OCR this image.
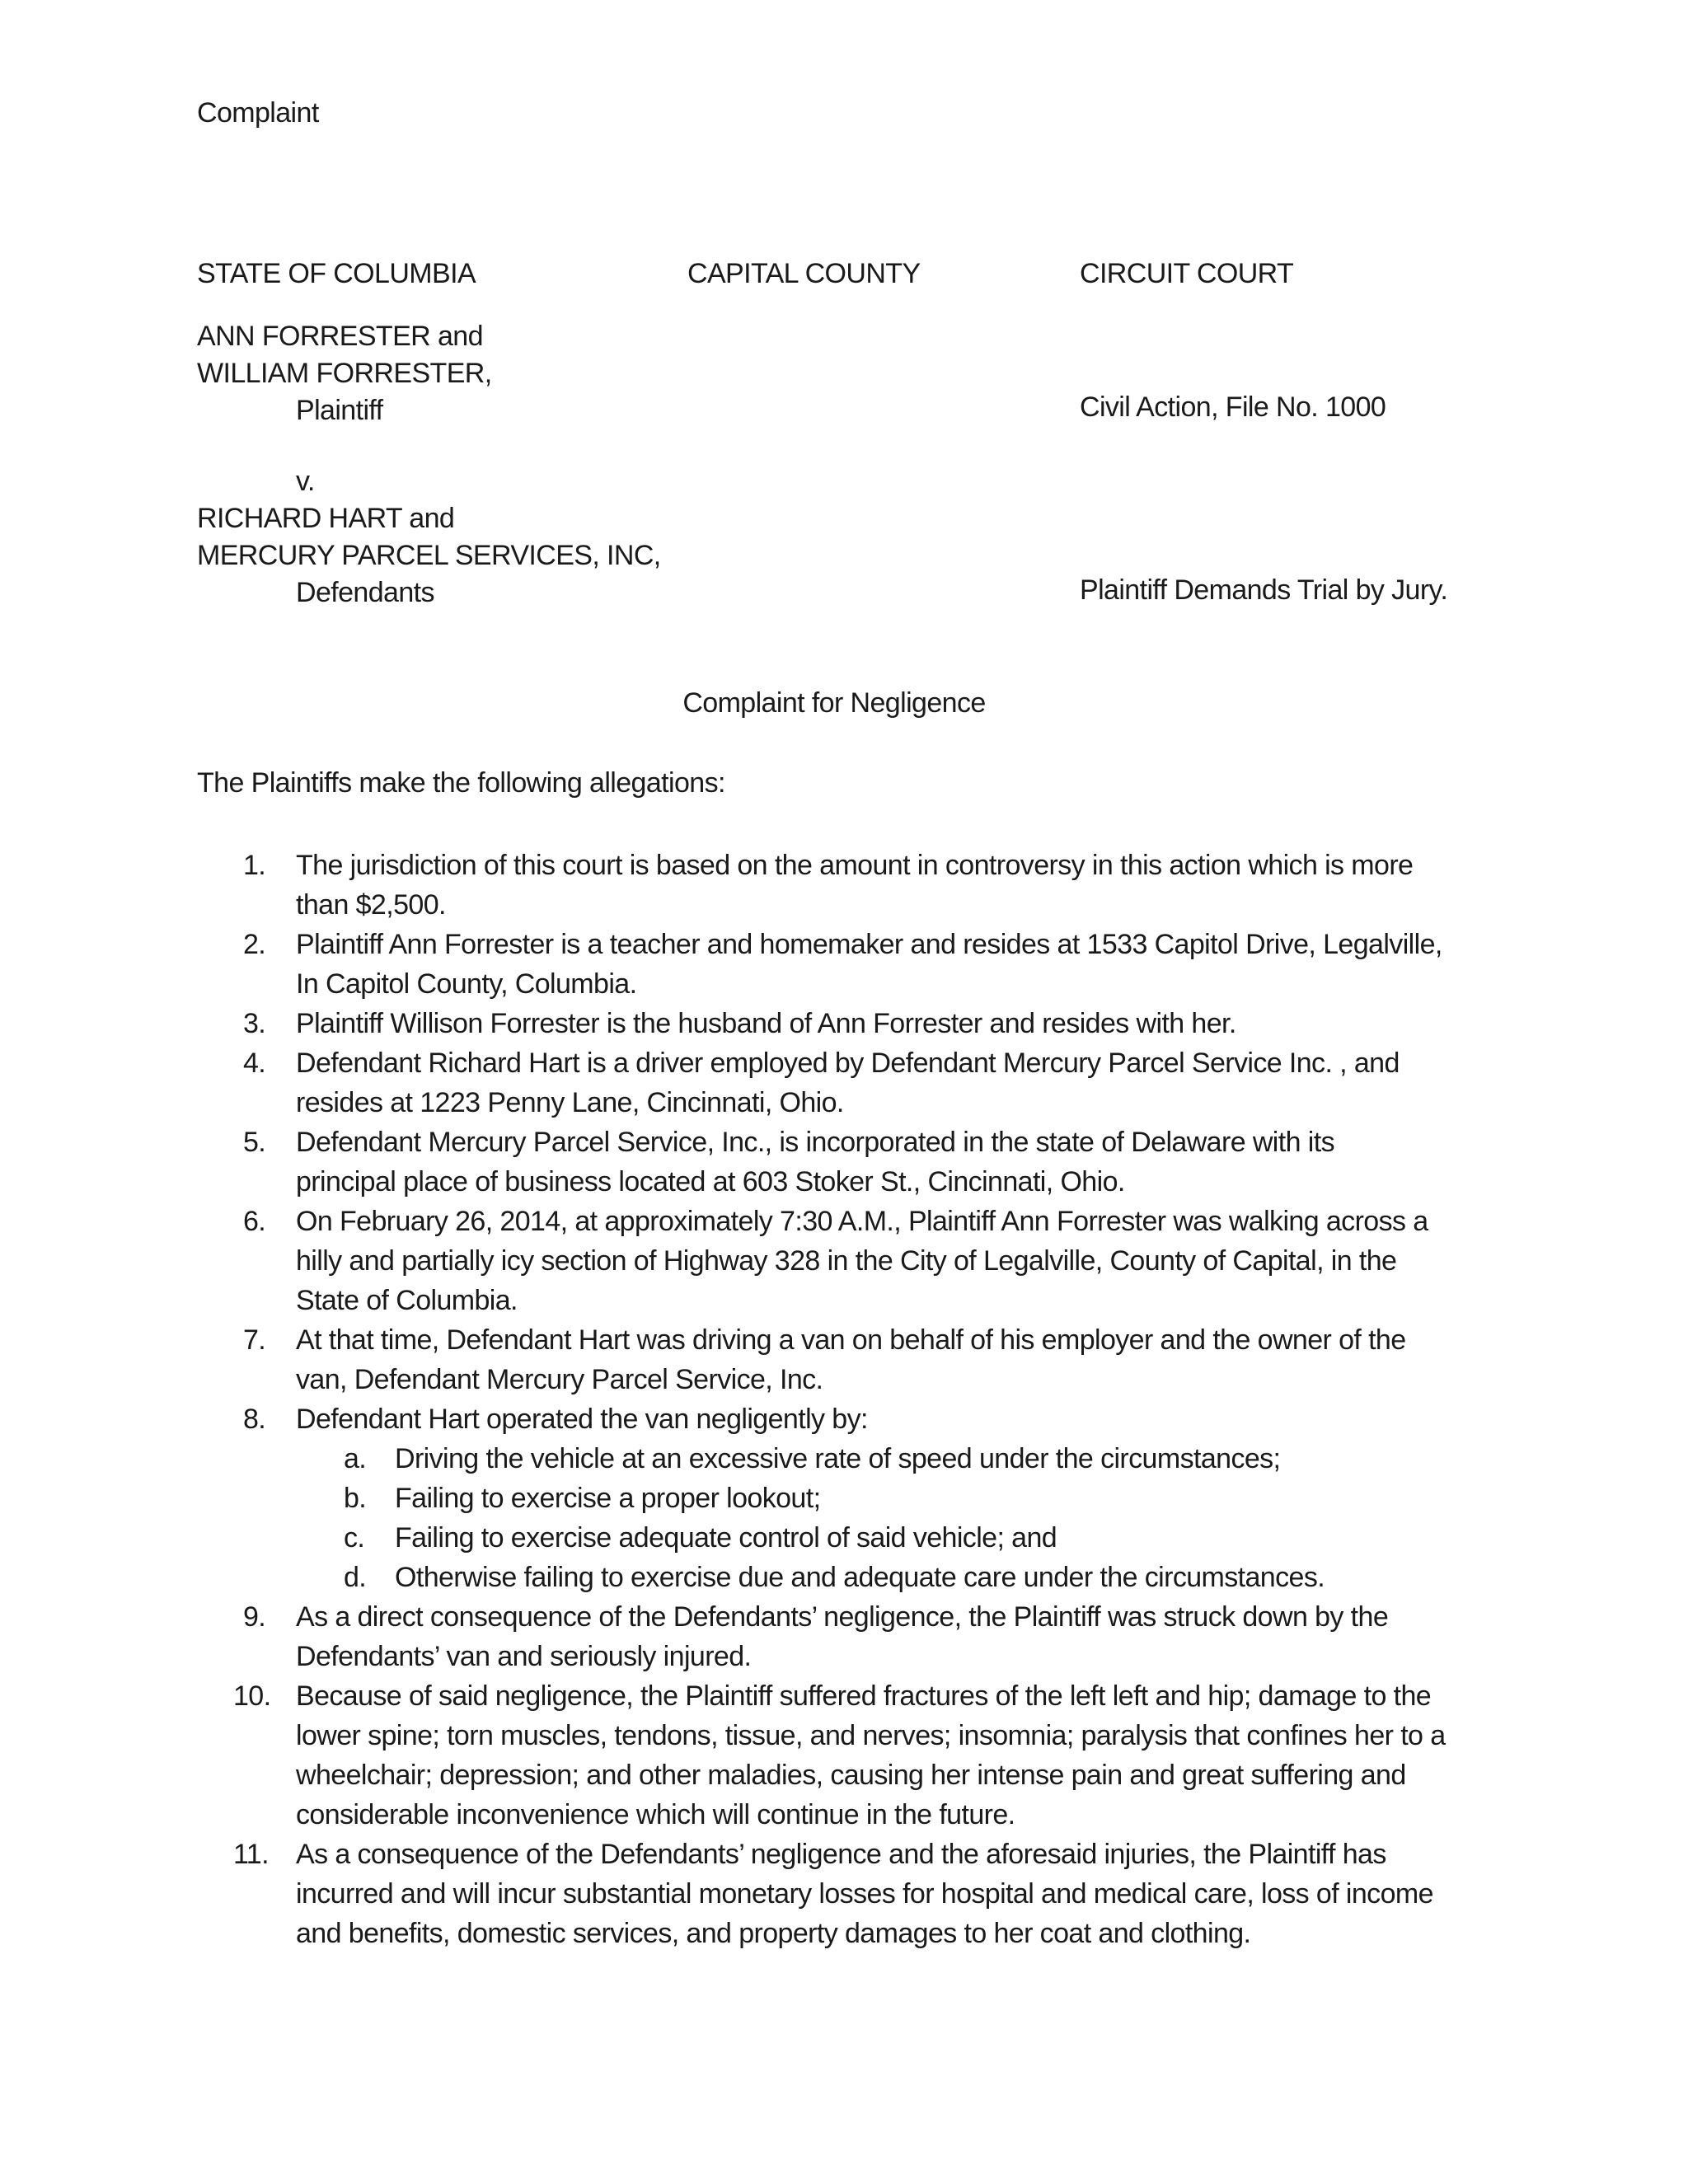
Complaint
STATE OF COLUMBIA	CAPITAL COUNTY	CIRCUIT COURT
ANN FORRESTER and
WILLIAM FORRESTER,
Plaintiff	Civil Action, File No. 1000
v.
RICHARD HART and
MERCURY PARCEL SERVICES, INC,
Defendants	Plaintiff Demands Trial by Jury.
Complaint for Negligence
The Plaintiffs make the following allegations:
1. The jurisdiction of this court is based on the amount in controversy in this action which is more
than $2,500.
2. Plaintiff Ann Forrester is a teacher and homemaker and resides at 1533 Capitol Drive, Legalville,
In Capitol County, Columbia.
3. Plaintiff Willison Forrester is the husband of Ann Forrester and resides with her.
4. Defendant Richard Hart is a driver employed by Defendant Mercury Parcel Service Inc. , and
resides at 1223 Penny Lane, Cincinnati, Ohio.
5. Defendant Mercury Parcel Service, Inc., is incorporated in the state of Delaware with its
principal place of business located at 603 Stoker St., Cincinnati, Ohio.
6. On February 26, 2014, at approximately 7:30 A.M., Plaintiff Ann Forrester was walking across a
hilly and partially icy section of Highway 328 in the City of Legalville, County of Capital, in the
State of Columbia.
7. At that time, Defendant Hart was driving a van on behalf of his employer and the owner of the
van, Defendant Mercury Parcel Service, Inc.
8. Defendant Hart operated the van negligently by:
a. Driving the vehicle at an excessive rate of speed under the circumstances;
b. Failing to exercise a proper lookout;
c. Failing to exercise adequate control of said vehicle; and
d. Otherwise failing to exercise due and adequate care under the circumstances.
9. As a direct consequence of the Defendants’ negligence, the Plaintiff was struck down by the
Defendants’ van and seriously injured.
10. Because of said negligence, the Plaintiff suffered fractures of the left left and hip; damage to the
lower spine; torn muscles, tendons, tissue, and nerves; insomnia; paralysis that confines her to a
wheelchair; depression; and other maladies, causing her intense pain and great suffering and
considerable inconvenience which will continue in the future.
11. As a consequence of the Defendants’ negligence and the aforesaid injuries, the Plaintiff has
incurred and will incur substantial monetary losses for hospital and medical care, loss of income
and benefits, domestic services, and property damages to her coat and clothing.
